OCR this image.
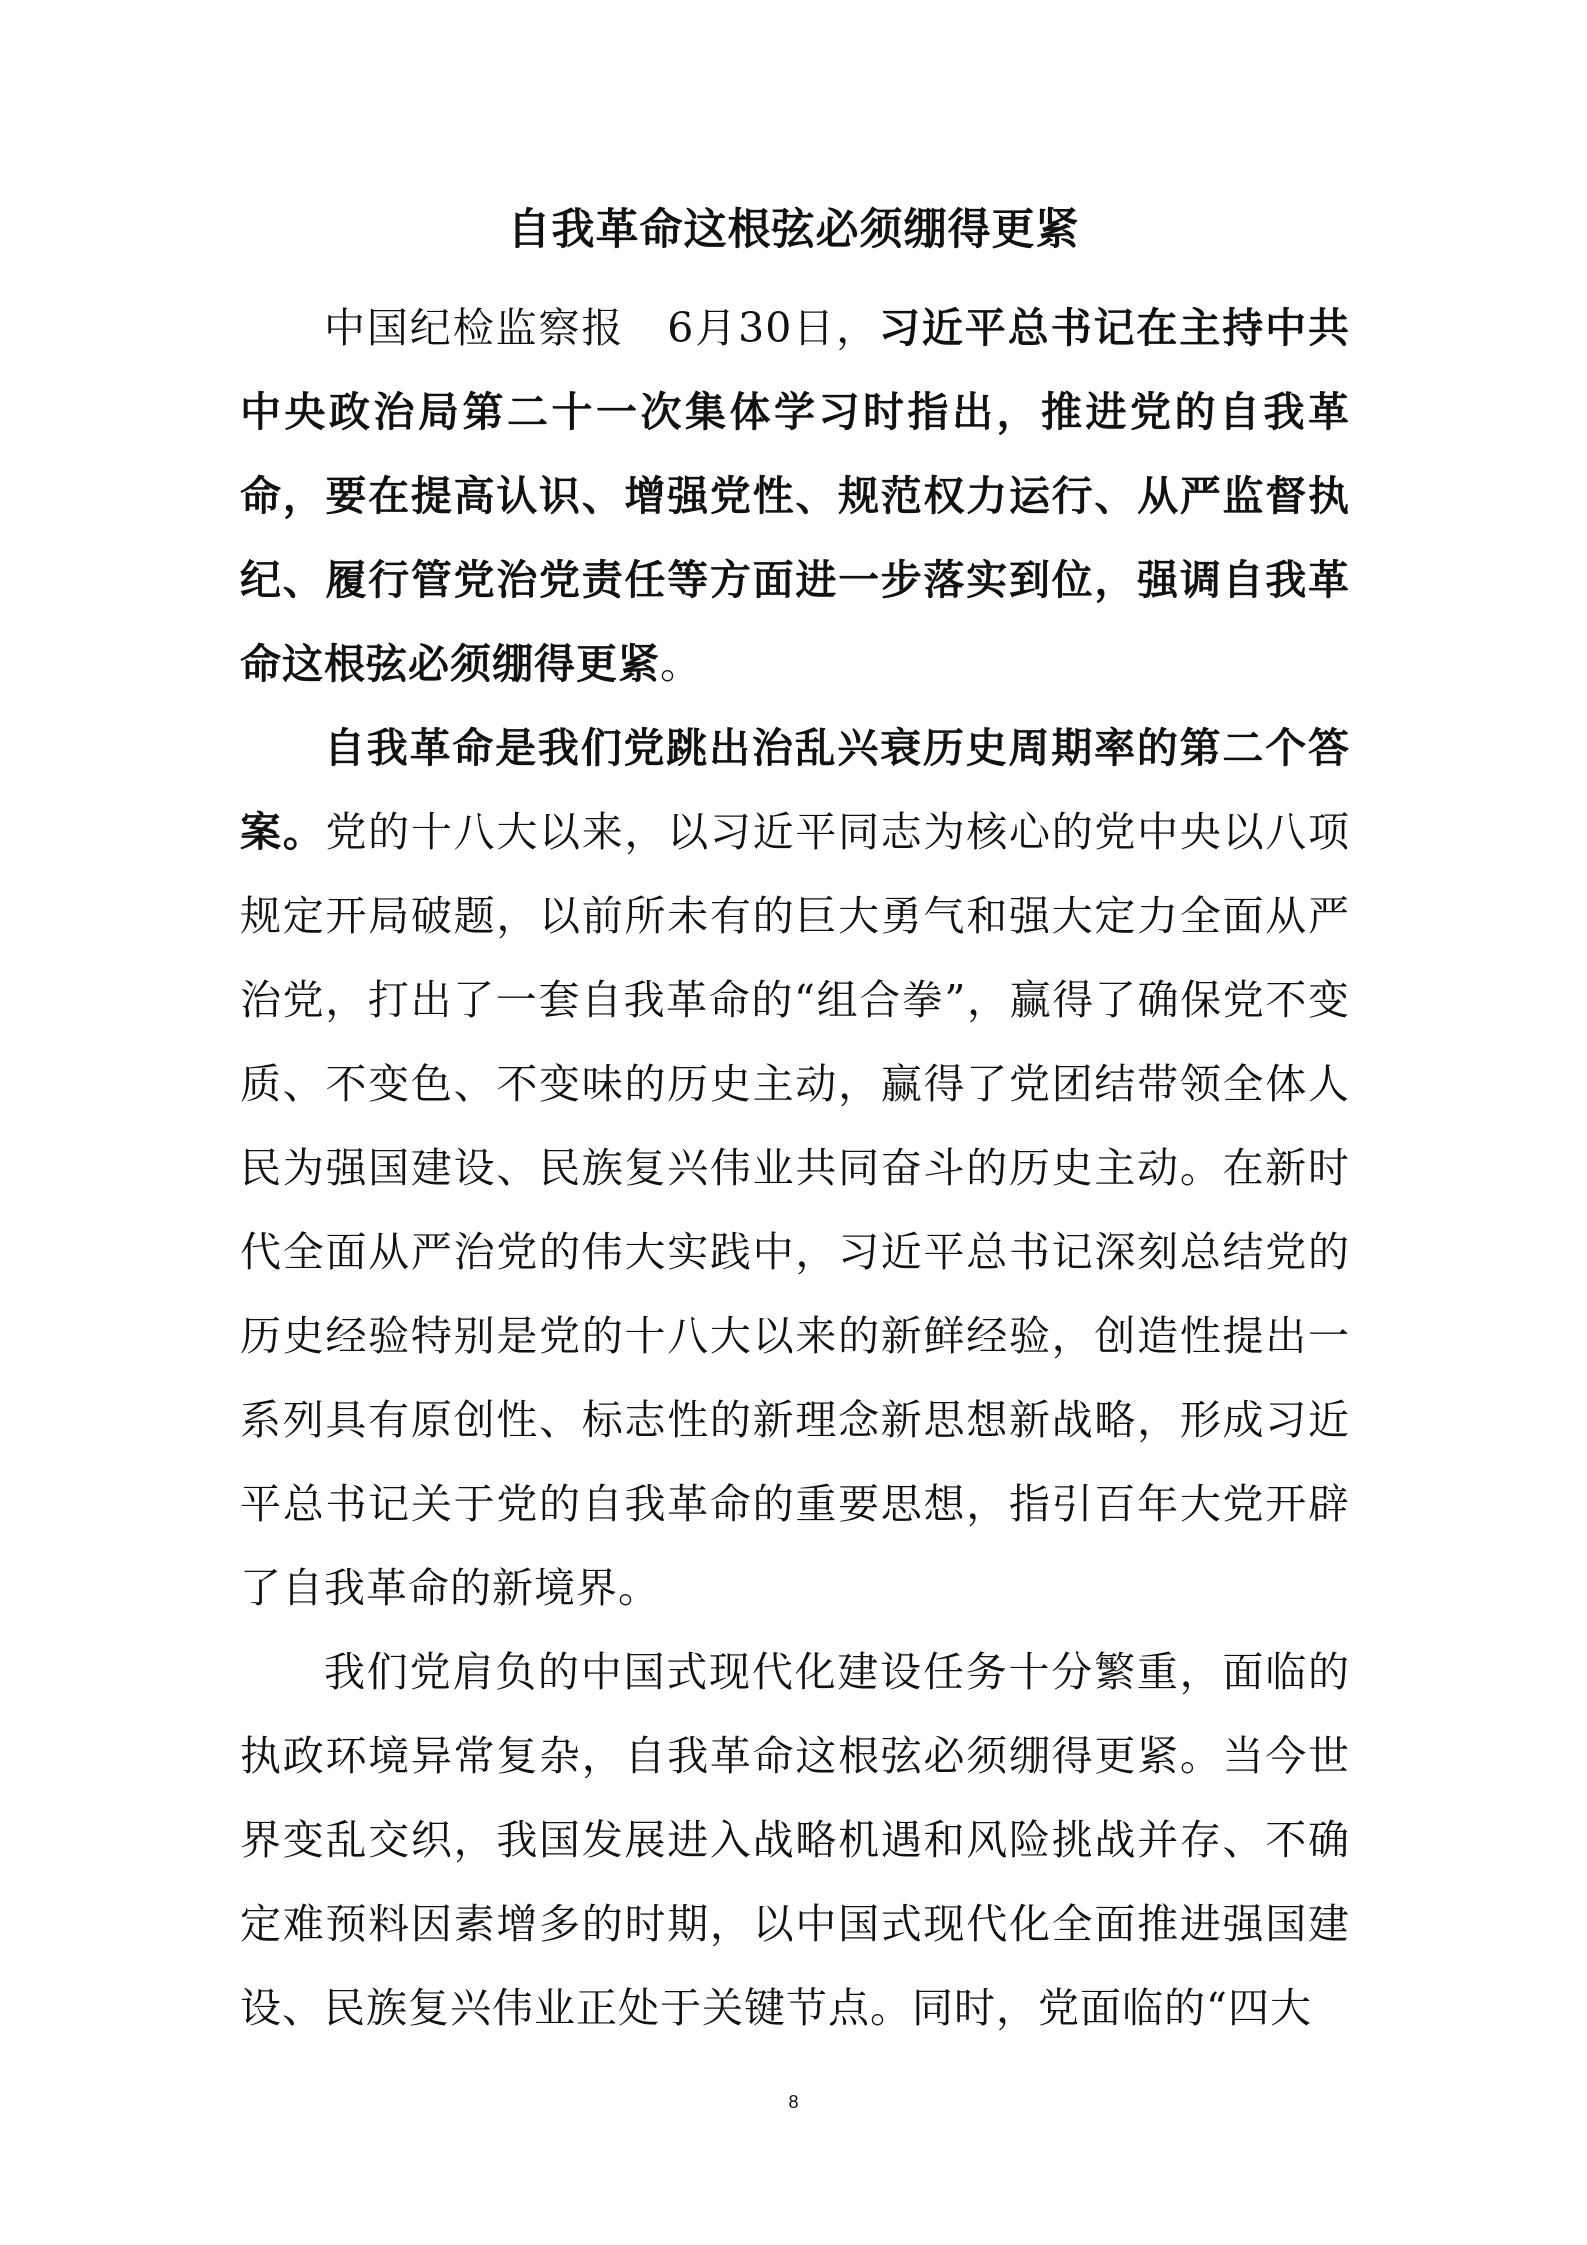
自我革命这根弦必须绷得更紧

中国纪检监察报　 6月30日，习近平总书记在主持中共中央政治局第二十一次集体学习时指出，推进党的自我革命，要在提高认识、增强党性、规范权力运行、从严监督执纪、履行管党治党责任等方面进一步落实到位，强调自我革命这根弦必须绷得更紧。

自我革命是我们党跳出治乱兴衰历史周期率的第二个答案。党的十八大以来，以习近平同志为核心的党中央以八项规定开局破题，以前所未有的巨大勇气和强大定力全面从严治党，打出了一套自我革命的“组合拳”，赢得了确保党不变质、不变色、不变味的历史主动，赢得了党团结带领全体人民为强国建设、民族复兴伟业共同奋斗的历史主动。在新时代全面从严治党的伟大实践中，习近平总书记深刻总结党的历史经验特别是党的十八大以来的新鲜经验，创造性提出一系列具有原创性、标志性的新理念新思想新战略，形成习近平总书记关于党的自我革命的重要思想，指引百年大党开辟了自我革命的新境界。

我们党肩负的中国式现代化建设任务十分繁重，面临的执政环境异常复杂，自我革命这根弦必须绷得更紧。当今世界变乱交织，我国发展进入战略机遇和风险挑战并存、不确定难预料因素增多的时期，以中国式现代化全面推进强国建设、民族复兴伟业正处于关键节点。同时，党面临的“四大

8
